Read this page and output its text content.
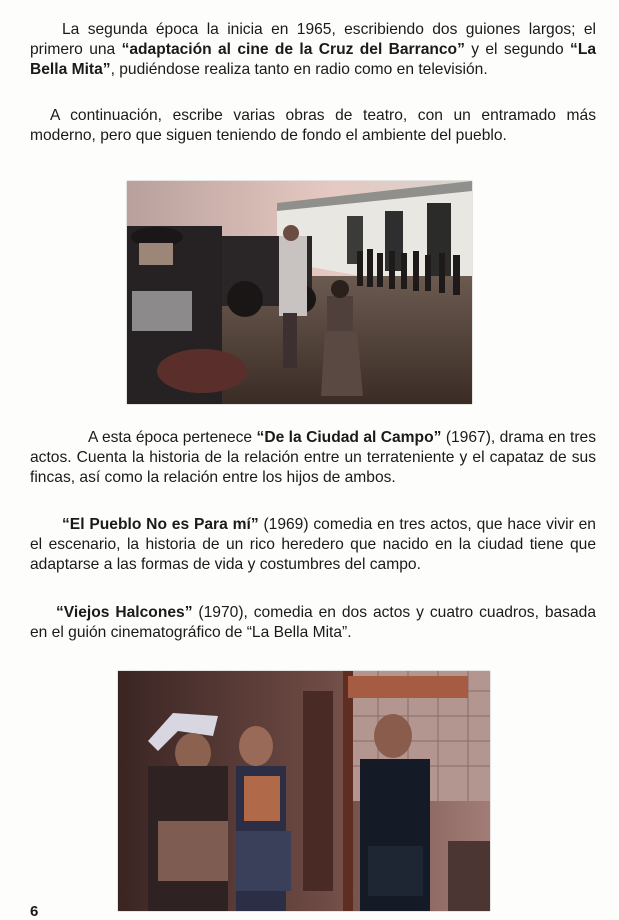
La segunda época la inicia en 1965, escribiendo dos guiones largos; el primero una “adaptación al cine de la Cruz del Barranco” y el segundo “La Bella Mita”, pudiéndose realiza tanto en radio como en televisión.

A continuación, escribe varias obras de teatro, con un entramado más moderno, pero que siguen teniendo de fondo el ambiente del pueblo.

A esta época pertenece “De la Ciudad al Campo” (1967), drama en tres actos. Cuenta la historia de la relación entre un terrateniente y el capataz de sus fincas, así como la relación entre los hijos de ambos.

“El Pueblo No es Para mí” (1969) comedia en tres actos, que hace vivir en el escenario, la historia de un rico heredero que nacido en la ciudad tiene que adaptarse a las formas de vida y costumbres del campo.

“Viejos Halcones” (1970), comedia en dos actos y cuatro cuadros, basada en el guión cinematográfico de “La Bella Mita”.

6
